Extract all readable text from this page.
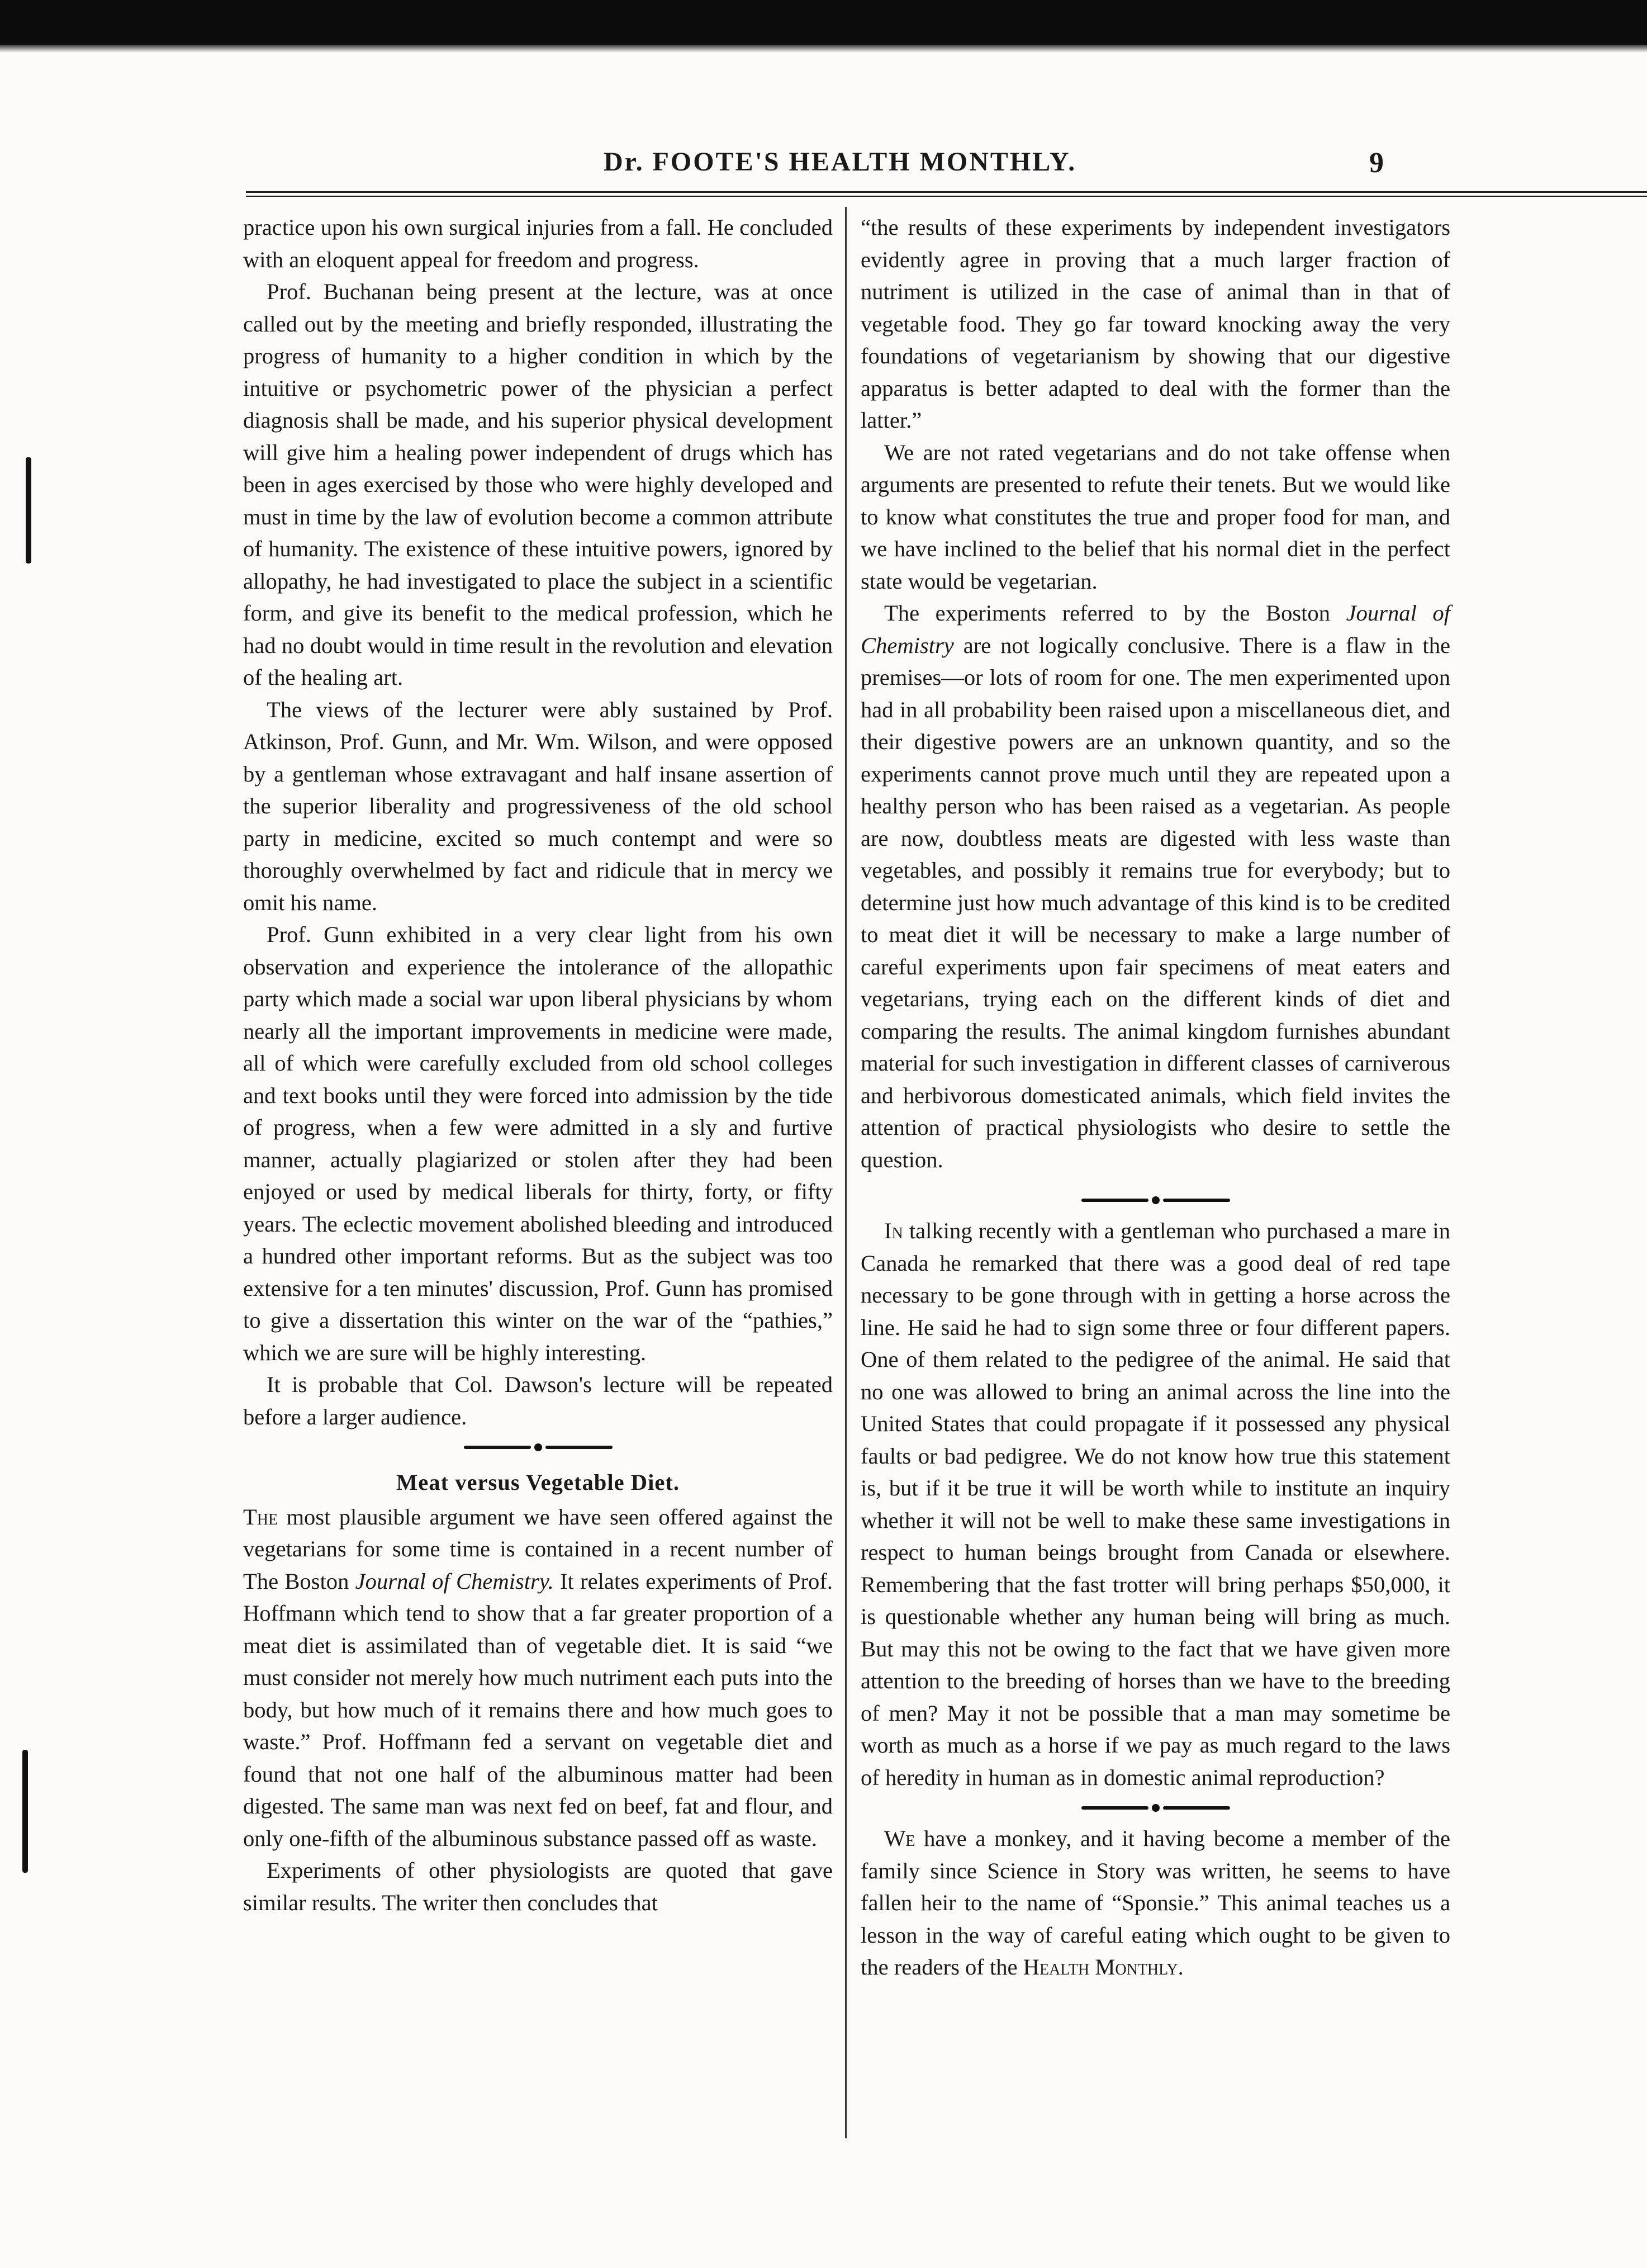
Dr. FOOTE'S HEALTH MONTHLY.	9

practice upon his own surgical injuries from a fall. He concluded with an eloquent appeal for freedom and progress.

Prof. Buchanan being present at the lecture, was at once called out by the meeting and briefly responded, illustrating the progress of humanity to a higher condition in which by the intuitive or psychometric power of the physician a perfect diagnosis shall be made, and his superior physical development will give him a healing power independent of drugs which has been in ages exercised by those who were highly developed and must in time by the law of evolution become a common attribute of humanity. The existence of these intuitive powers, ignored by allopathy, he had investigated to place the subject in a scientific form, and give its benefit to the medical profession, which he had no doubt would in time result in the revolution and elevation of the healing art.

The views of the lecturer were ably sustained by Prof. Atkinson, Prof. Gunn, and Mr. Wm. Wilson, and were opposed by a gentleman whose extravagant and half insane assertion of the superior liberality and progressiveness of the old school party in medicine, excited so much contempt and were so thoroughly overwhelmed by fact and ridicule that in mercy we omit his name.

Prof. Gunn exhibited in a very clear light from his own observation and experience the intolerance of the allopathic party which made a social war upon liberal physicians by whom nearly all the important improvements in medicine were made, all of which were carefully excluded from old school colleges and text books until they were forced into admission by the tide of progress, when a few were admitted in a sly and furtive manner, actually plagiarized or stolen after they had been enjoyed or used by medical liberals for thirty, forty, or fifty years. The eclectic movement abolished bleeding and introduced a hundred other important reforms. But as the subject was too extensive for a ten minutes' discussion, Prof. Gunn has promised to give a dissertation this winter on the war of the “pathies,” which we are sure will be highly interesting.

It is probable that Col. Dawson's lecture will be repeated before a larger audience.

Meat versus Vegetable Diet.

The most plausible argument we have seen offered against the vegetarians for some time is contained in a recent number of The Boston Journal of Chemistry. It relates experiments of Prof. Hoffmann which tend to show that a far greater proportion of a meat diet is assimilated than of vegetable diet. It is said “we must consider not merely how much nutriment each puts into the body, but how much of it remains there and how much goes to waste.” Prof. Hoffmann fed a servant on vegetable diet and found that not one half of the albuminous matter had been digested. The same man was next fed on beef, fat and flour, and only one-fifth of the albuminous substance passed off as waste.

Experiments of other physiologists are quoted that gave similar results. The writer then concludes that

“the results of these experiments by independent investigators evidently agree in proving that a much larger fraction of nutriment is utilized in the case of animal than in that of vegetable food. They go far toward knocking away the very foundations of vegetarianism by showing that our digestive apparatus is better adapted to deal with the former than the latter.”

We are not rated vegetarians and do not take offense when arguments are presented to refute their tenets. But we would like to know what constitutes the true and proper food for man, and we have inclined to the belief that his normal diet in the perfect state would be vegetarian.

The experiments referred to by the Boston Journal of Chemistry are not logically conclusive. There is a flaw in the premises—or lots of room for one. The men experimented upon had in all probability been raised upon a miscellaneous diet, and their digestive powers are an unknown quantity, and so the experiments cannot prove much until they are repeated upon a healthy person who has been raised as a vegetarian. As people are now, doubtless meats are digested with less waste than vegetables, and possibly it remains true for everybody; but to determine just how much advantage of this kind is to be credited to meat diet it will be necessary to make a large number of careful experiments upon fair specimens of meat eaters and vegetarians, trying each on the different kinds of diet and comparing the results. The animal kingdom furnishes abundant material for such investigation in different classes of carniverous and herbivorous domesticated animals, which field invites the attention of practical physiologists who desire to settle the question.

In talking recently with a gentleman who purchased a mare in Canada he remarked that there was a good deal of red tape necessary to be gone through with in getting a horse across the line. He said he had to sign some three or four different papers. One of them related to the pedigree of the animal. He said that no one was allowed to bring an animal across the line into the United States that could propagate if it possessed any physical faults or bad pedigree. We do not know how true this statement is, but if it be true it will be worth while to institute an inquiry whether it will not be well to make these same investigations in respect to human beings brought from Canada or elsewhere. Remembering that the fast trotter will bring perhaps $50,000, it is questionable whether any human being will bring as much. But may this not be owing to the fact that we have given more attention to the breeding of horses than we have to the breeding of men? May it not be possible that a man may sometime be worth as much as a horse if we pay as much regard to the laws of heredity in human as in domestic animal reproduction?

We have a monkey, and it having become a member of the family since Science in Story was written, he seems to have fallen heir to the name of “Sponsie.” This animal teaches us a lesson in the way of careful eating which ought to be given to the readers of the Health Monthly.
